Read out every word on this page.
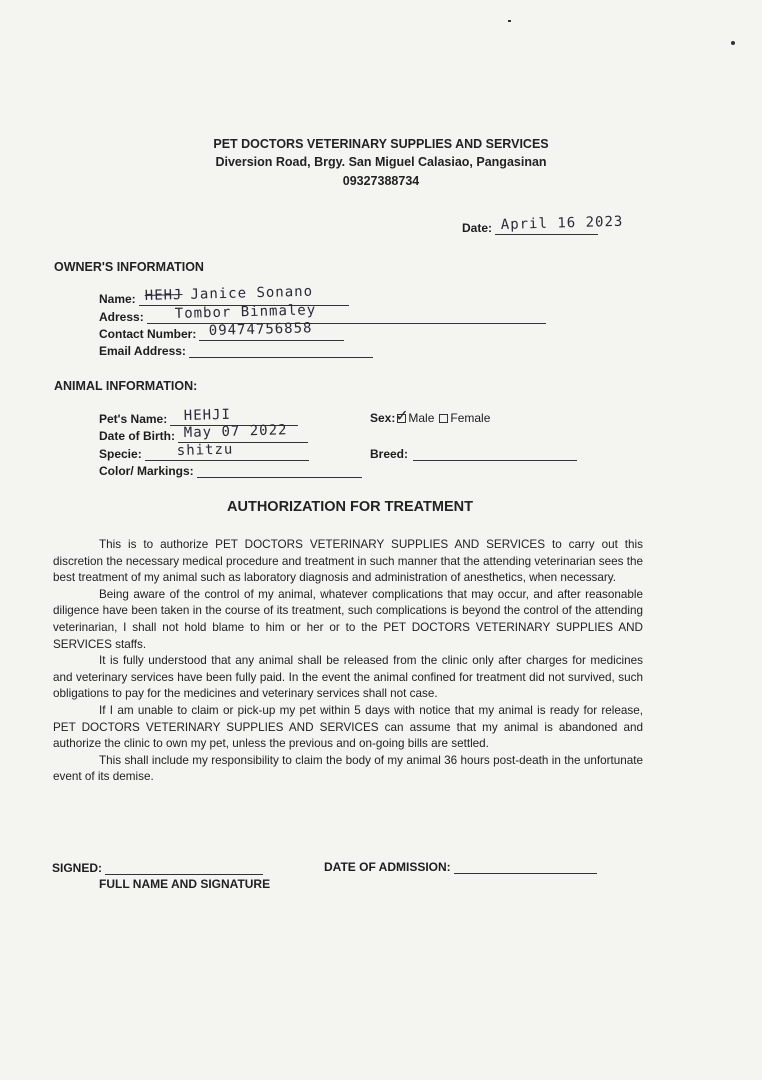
PET DOCTORS VETERINARY SUPPLIES AND SERVICES
Diversion Road, Brgy. San Miguel Calasiao, Pangasinan
09327388734
Date: April 16 2023
OWNER'S INFORMATION
Name: HEHJ Janice Sonano
Adress: Tombor Binmaley
Contact Number: 09474756858
Email Address:
ANIMAL INFORMATION:
Pet's Name: HEHJI
Date of Birth: May 07 2022
Specie: shitzu
Color/ Markings:
Sex: ✓ Male Female
Breed:
AUTHORIZATION FOR TREATMENT

This is to authorize PET DOCTORS VETERINARY SUPPLIES AND SERVICES to carry out this discretion the necessary medical procedure and treatment in such manner that the attending veterinarian sees the best treatment of my animal such as laboratory diagnosis and administration of anesthetics, when necessary.

Being aware of the control of my animal, whatever complications that may occur, and after reasonable diligence have been taken in the course of its treatment, such complications is beyond the control of the attending veterinarian, I shall not hold blame to him or her or to the PET DOCTORS VETERINARY SUPPLIES AND SERVICES staffs.

It is fully understood that any animal shall be released from the clinic only after charges for medicines and veterinary services have been fully paid. In the event the animal confined for treatment did not survived, such obligations to pay for the medicines and veterinary services shall not case.

If I am unable to claim or pick-up my pet within 5 days with notice that my animal is ready for release, PET DOCTORS VETERINARY SUPPLIES AND SERVICES can assume that my animal is abandoned and authorize the clinic to own my pet, unless the previous and on-going bills are settled.

This shall include my responsibility to claim the body of my animal 36 hours post-death in the unfortunate event of its demise.

SIGNED:
FULL NAME AND SIGNATURE
DATE OF ADMISSION:
